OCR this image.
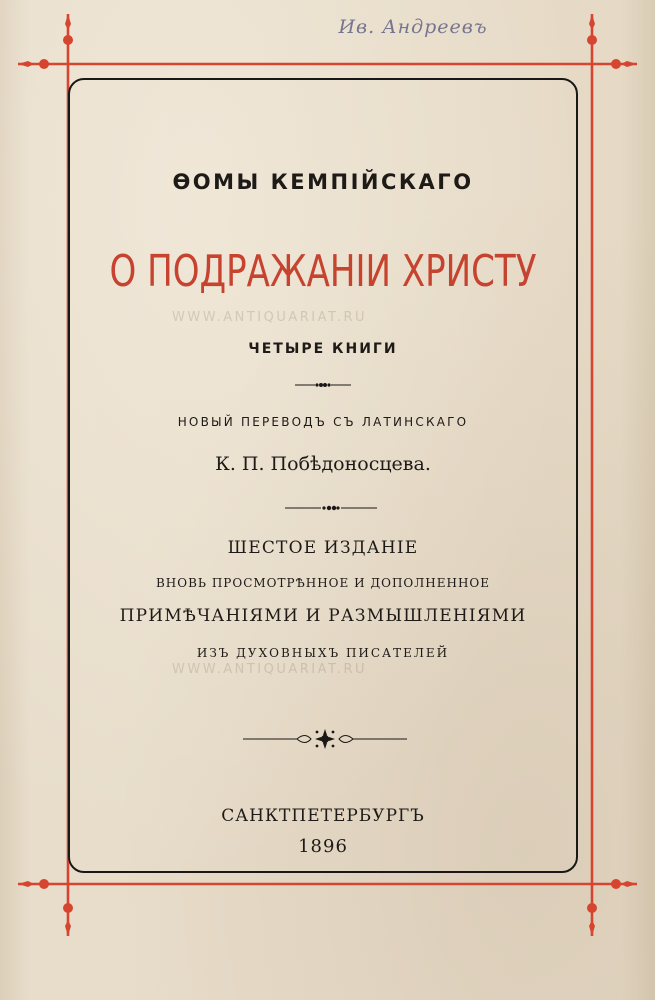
Ив. Андреевъ
WWW.ANTIQUARIAT.RU
WWW.ANTIQUARIAT.RU
ѲОМЫ КЕМПІЙСКАГО
О ПОДРАЖАНІИ ХРИСТУ
ЧЕТЫРЕ КНИГИ
НОВЫЙ ПЕРЕВОДЪ СЪ ЛАТИНСКАГО
К. П. Побѣдоносцева.
ШЕСТОЕ ИЗДАНІЕ
ВНОВЬ ПРОСМОТРѢННОЕ И ДОПОЛНЕННОЕ
ПРИМѢЧАНІЯМИ И РАЗМЫШЛЕНІЯМИ
ИЗЪ ДУХОВНЫХЪ ПИСАТЕЛЕЙ
САНКТПЕТЕРБУРГЪ
1896
